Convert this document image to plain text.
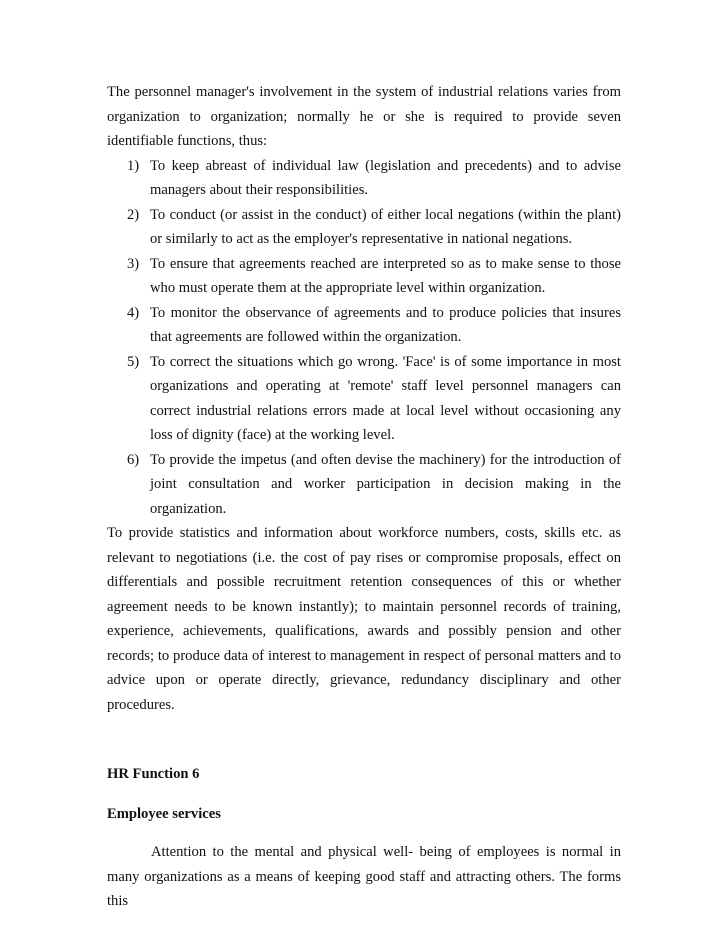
The personnel manager's involvement in the system of industrial relations varies from organization to organization; normally he or she is required to provide seven identifiable functions, thus:

1) To keep abreast of individual law (legislation and precedents) and to advise managers about their responsibilities.
2) To conduct (or assist in the conduct) of either local negations (within the plant) or similarly to act as the employer's representative in national negations.
3) To ensure that agreements reached are interpreted so as to make sense to those who must operate them at the appropriate level within organization.
4) To monitor the observance of agreements and to produce policies that insures that agreements are followed within the organization.
5) To correct the situations which go wrong. 'Face' is of some importance in most organizations and operating at 'remote' staff level personnel managers can correct industrial relations errors made at local level without occasioning any loss of dignity (face) at the working level.
6) To provide the impetus (and often devise the machinery) for the introduction of joint consultation and worker participation in decision making in the organization.

To provide statistics and information about workforce numbers, costs, skills etc. as relevant to negotiations (i.e. the cost of pay rises or compromise proposals, effect on differentials and possible recruitment retention consequences of this or whether agreement needs to be known instantly); to maintain personnel records of training, experience, achievements, qualifications, awards and possibly pension and other records; to produce data of interest to management in respect of personal matters and to advice upon or operate directly, grievance, redundancy disciplinary and other procedures.

HR Function 6

Employee services

Attention to the mental and physical well- being of employees is normal in many organizations as a means of keeping good staff and attracting others. The forms this
